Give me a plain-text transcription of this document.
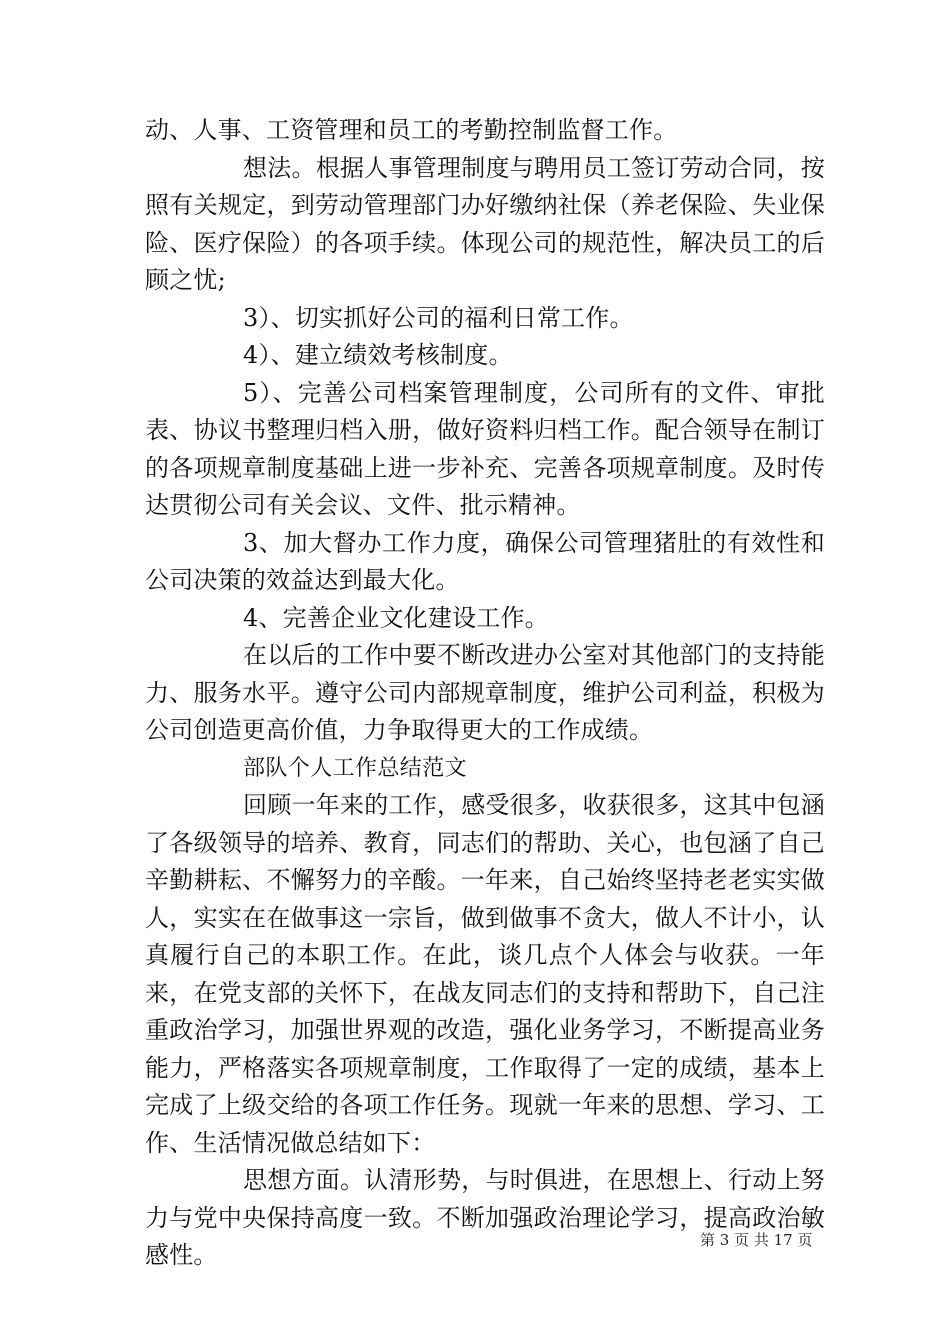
动、人事、工资管理和员工的考勤控制监督工作。

想法。根据人事管理制度与聘用员工签订劳动合同，按照有关规定，到劳动管理部门办好缴纳社保（养老保险、失业保险、医疗保险）的各项手续。体现公司的规范性，解决员工的后顾之忧;

3）、切实抓好公司的福利日常工作。

4）、建立绩效考核制度。

5）、完善公司档案管理制度，公司所有的文件、审批表、协议书整理归档入册，做好资料归档工作。配合领导在制订的各项规章制度基础上进一步补充、完善各项规章制度。及时传达贯彻公司有关会议、文件、批示精神。

3、加大督办工作力度，确保公司管理猪肚的有效性和公司决策的效益达到最大化。

4、完善企业文化建设工作。

在以后的工作中要不断改进办公室对其他部门的支持能力、服务水平。遵守公司内部规章制度，维护公司利益，积极为公司创造更高价值，力争取得更大的工作成绩。

部队个人工作总结范文

回顾一年来的工作，感受很多，收获很多，这其中包涵了各级领导的培养、教育，同志们的帮助、关心，也包涵了自己辛勤耕耘、不懈努力的辛酸。一年来，自己始终坚持老老实实做人，实实在在做事这一宗旨，做到做事不贪大，做人不计小，认真履行自己的本职工作。在此，谈几点个人体会与收获。一年来，在党支部的关怀下，在战友同志们的支持和帮助下，自己注重政治学习，加强世界观的改造，强化业务学习，不断提高业务能力，严格落实各项规章制度，工作取得了一定的成绩，基本上完成了上级交给的各项工作任务。现就一年来的思想、学习、工作、生活情况做总结如下：

思想方面。认清形势，与时俱进，在思想上、行动上努力与党中央保持高度一致。不断加强政治理论学习，提高政治敏感性。

第 3 页 共 17 页
